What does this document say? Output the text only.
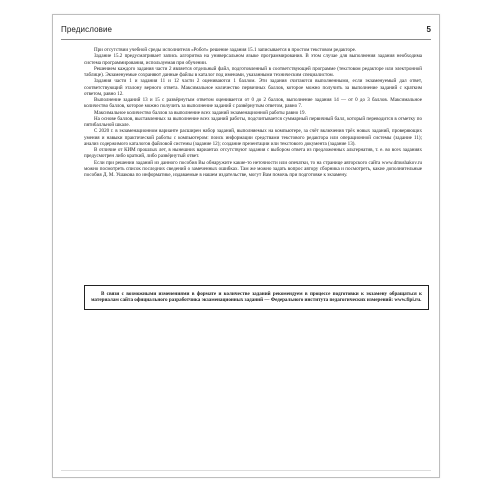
Предисловие	5

При отсутствии учебной среды исполнителя «Робот» решение задания 15.1 записывается в простом текстовом редакторе.

Задание 15.2 предусматривает запись алгоритма на универсальном языке программирования. В этом случае для выполнения задания необходима система программирования, используемая при обучении.

Решением каждого задания части 2 является отдельный файл, подготовленный в соответствующей программе (текстовом редакторе или электронной таблице). Экзаменуемые сохраняют данные файлы в каталог под именами, указанными техническим специалистом.

Задания части 1 и задания 11 и 12 части 2 оцениваются 1 баллом. Эти задания считаются выполненными, если экзаменуемый дал ответ, соответствующий эталону верного ответа. Максимальное количество первичных баллов, которое можно получить за выполнение заданий с кратким ответом, равно 12.

Выполнение заданий 13 и 15 с развёрнутым ответом оценивается от 0 до 2 баллов, выполнение задания 14 — от 0 до 3 баллов. Максимальное количество баллов, которое можно получить за выполнение заданий с развёрнутым ответом, равно 7.

Максимальное количество баллов за выполнение всех заданий экзаменационной работы равно 19.

На основе баллов, выставленных за выполнение всех заданий работы, подсчитывается суммарный первичный балл, который переводится в отметку по пятибалльной шкале.

С 2020 г. в экзаменационном варианте расширен набор заданий, выполняемых на компьютере, за счёт включения трёх новых заданий, проверяющих умения и навыки практической работы с компьютером: поиск информации средствами текстового редактора или операционной системы (задание 11); анализ содержимого каталогов файловой системы (задание 12); создание презентации или текстового документа (задание 13).

В отличие от КИМ прошлых лет, в нынешних вариантах отсутствуют задания с выбором ответа из предложенных альтернатив, т. е. во всех заданиях предусмотрен либо краткий, либо развёрнутый ответ.

Если при решении заданий из данного пособия Вы обнаружите какие-то неточности или опечатки, то на странице авторского сайта www.dmushakov.ru можно посмотреть список последних сведений о замеченных ошибках. Там же можно задать вопрос автору сборника и посмотреть, какие дополнительные пособия Д. М. Ушакова по информатике, издаваемые в нашем издательстве, могут Вам помочь при подготовке к экзамену.

В связи с возможными изменениями в формате и количестве заданий рекомендуем в процессе подготовки к экзамену обращаться к материалам сайта официального разработчика экзаменационных заданий — Федерального института педагогических измерений: www.fipi.ru.
